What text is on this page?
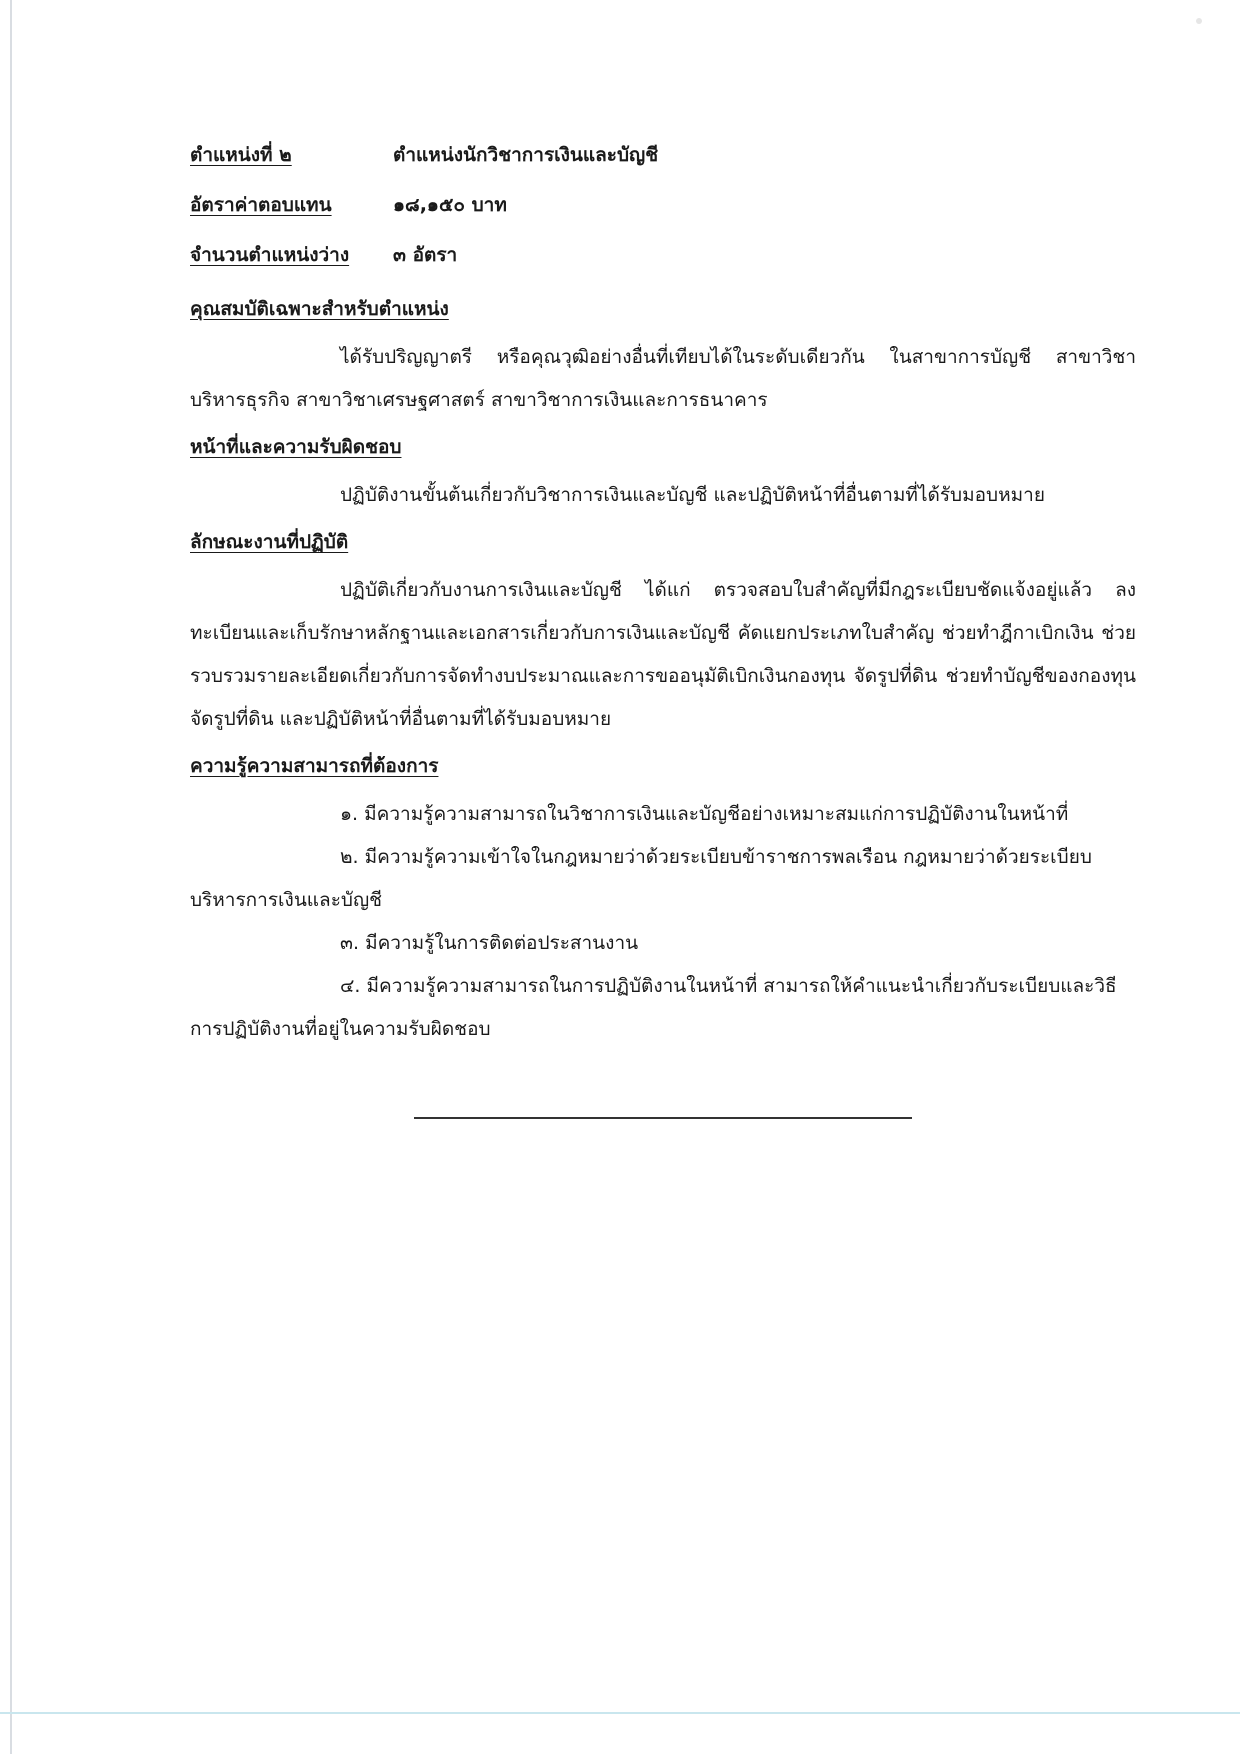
ตำแหน่งที่ ๒	ตำแหน่งนักวิชาการเงินและบัญชี
อัตราค่าตอบแทน	๑๘,๑๕๐ บาท
จำนวนตำแหน่งว่าง	๓ อัตรา
คุณสมบัติเฉพาะสำหรับตำแหน่ง

ได้รับปริญญาตรี หรือคุณวุฒิอย่างอื่นที่เทียบได้ในระดับเดียวกัน ในสาขาการบัญชี สาขาวิชาบริหารธุรกิจ สาขาวิชาเศรษฐศาสตร์ สาขาวิชาการเงินและการธนาคาร

หน้าที่และความรับผิดชอบ

ปฏิบัติงานขั้นต้นเกี่ยวกับวิชาการเงินและบัญชี และปฏิบัติหน้าที่อื่นตามที่ได้รับมอบหมาย

ลักษณะงานที่ปฏิบัติ

ปฏิบัติเกี่ยวกับงานการเงินและบัญชี ได้แก่ ตรวจสอบใบสำคัญที่มีกฎระเบียบชัดแจ้งอยู่แล้ว ลงทะเบียนและเก็บรักษาหลักฐานและเอกสารเกี่ยวกับการเงินและบัญชี คัดแยกประเภทใบสำคัญ ช่วยทำฎีกาเบิกเงิน ช่วยรวบรวมรายละเอียดเกี่ยวกับการจัดทำงบประมาณและการขออนุมัติเบิกเงินกองทุน จัดรูปที่ดิน ช่วยทำบัญชีของกองทุนจัดรูปที่ดิน และปฏิบัติหน้าที่อื่นตามที่ได้รับมอบหมาย

ความรู้ความสามารถที่ต้องการ

๑. มีความรู้ความสามารถในวิชาการเงินและบัญชีอย่างเหมาะสมแก่การปฏิบัติงานในหน้าที่

๒. มีความรู้ความเข้าใจในกฎหมายว่าด้วยระเบียบข้าราชการพลเรือน กฎหมายว่าด้วยระเบียบบริหารการเงินและบัญชี

๓. มีความรู้ในการติดต่อประสานงาน

๔. มีความรู้ความสามารถในการปฏิบัติงานในหน้าที่ สามารถให้คำแนะนำเกี่ยวกับระเบียบและวิธีการปฏิบัติงานที่อยู่ในความรับผิดชอบ
